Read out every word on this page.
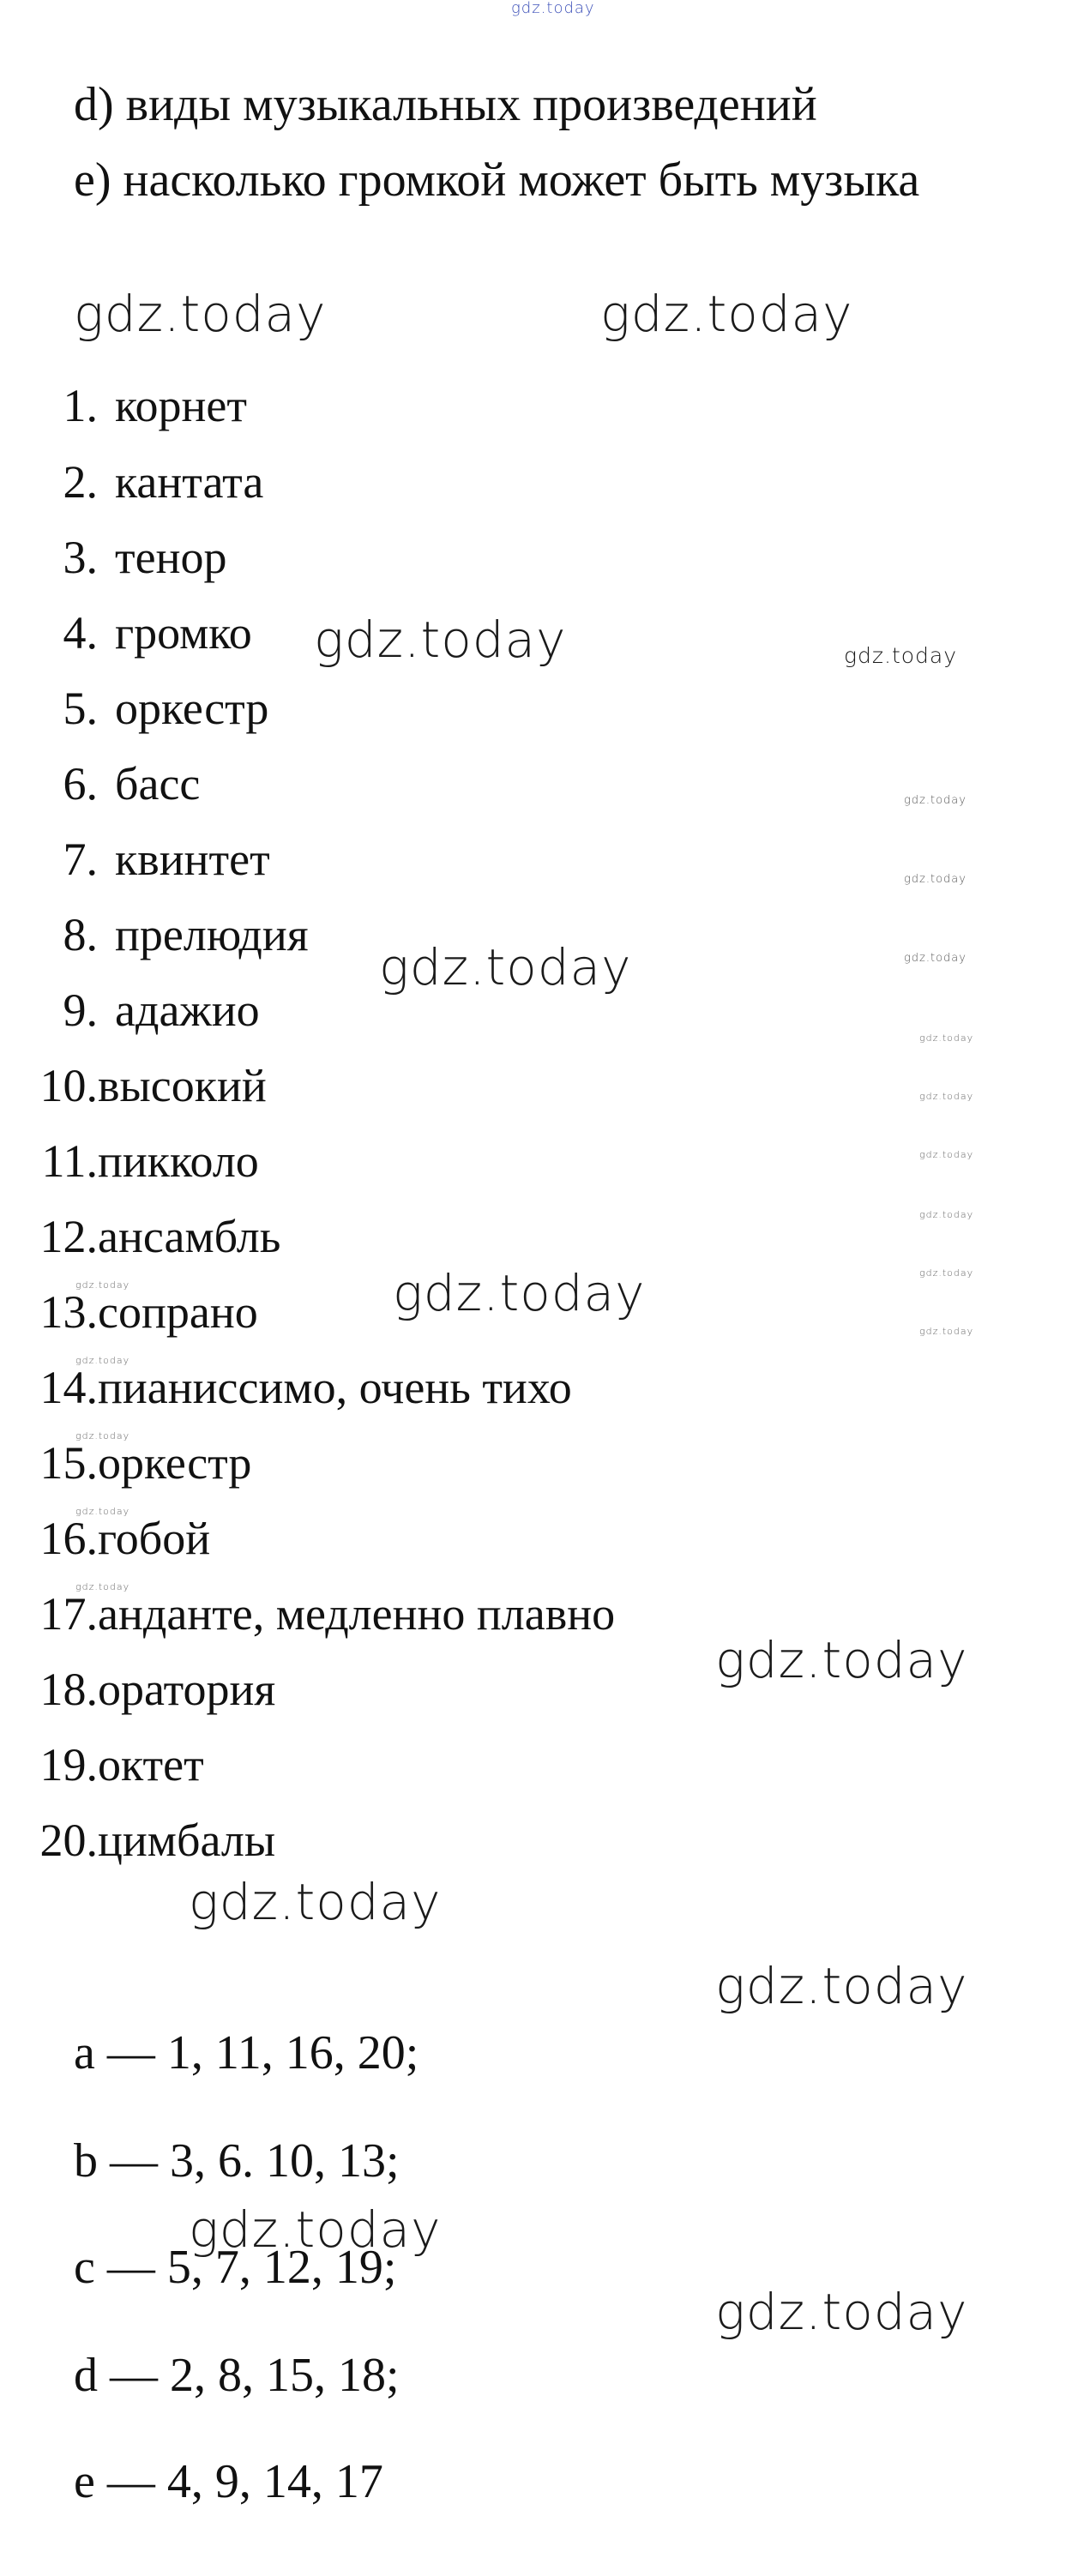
gdz.today
d) виды музыкальных произведений
e) насколько громкой может быть музыка
1. корнет
2. кантата
3. тенор
4. громко
5. оркестр
6. басс
7. квинтет
8. прелюдия
9. адажио
10.высокий
11.пикколо
12.ансамбль
13.сопрано
14.пианиссимо, очень тихо
15.оркестр
16.гобой
17.анданте, медленно плавно
18.оратория
19.октет
20.цимбалы
a — 1, 11, 16, 20;
b — 3, 6. 10, 13;
c — 5, 7, 12, 19;
d — 2, 8, 15, 18;
e — 4, 9, 14, 17
gdz.today	gdz.today
gdz.today
gdz.today
gdz.today
gdz.today
gdz.today
gdz.today
gdz.today
gdz.today
gdz.today
gdz.today
gdz.today
gdz.today
gdz.today
gdz.today
gdz.today
gdz.today
gdz.today
gdz.today
gdz.today
gdz.today
gdz.today
gdz.today
gdz.today
